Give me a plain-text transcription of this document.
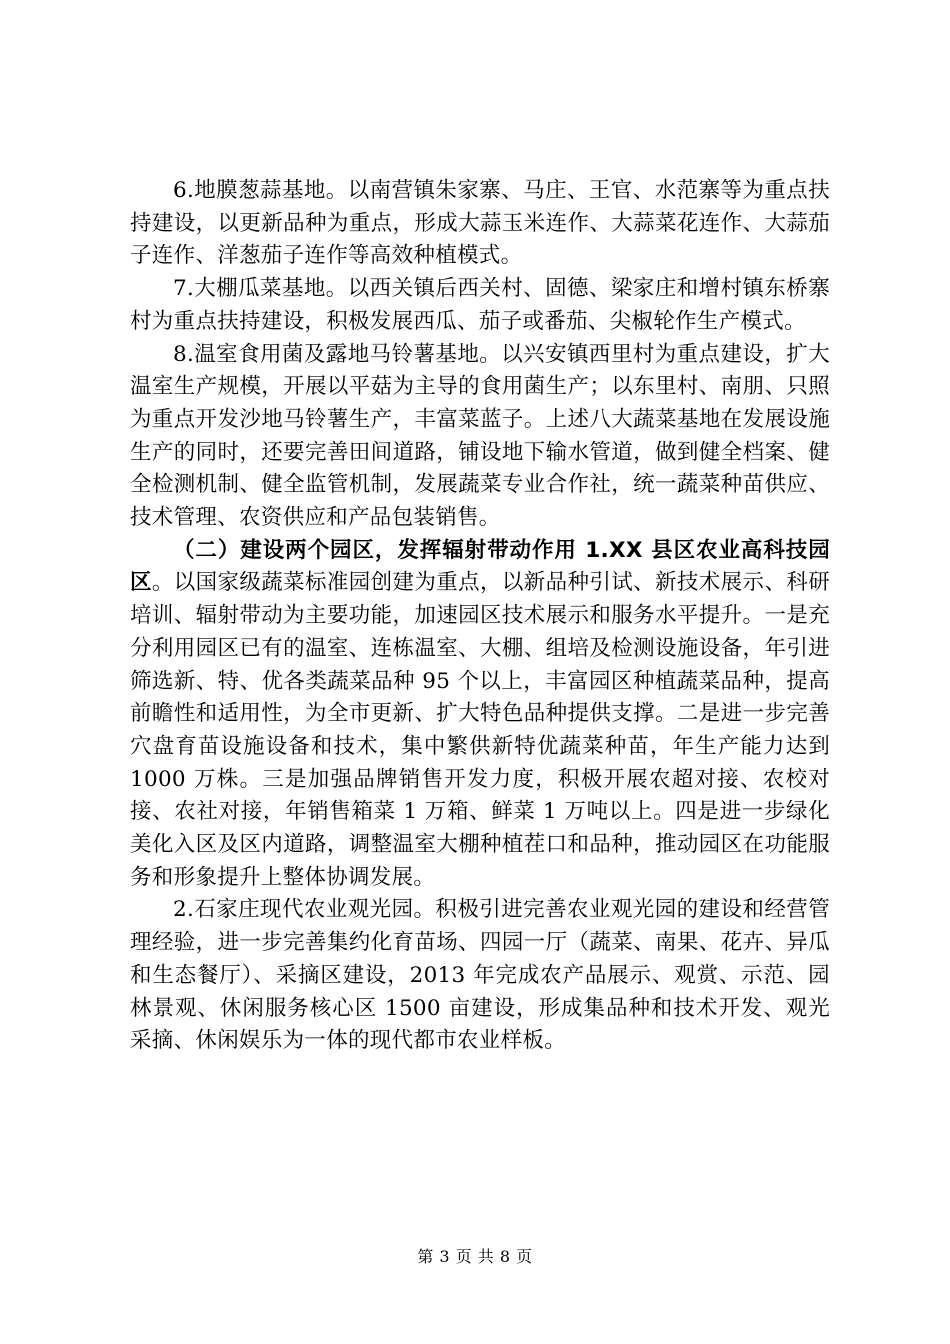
6.地膜葱蒜基地。以南营镇朱家寨、马庄、王官、水范寨等为重点扶持建设，以更新品种为重点，形成大蒜玉米连作、大蒜菜花连作、大蒜茄子连作、洋葱茄子连作等高效种植模式。

7.大棚瓜菜基地。以西关镇后西关村、固德、梁家庄和增村镇东桥寨村为重点扶持建设，积极发展西瓜、茄子或番茄、尖椒轮作生产模式。

8.温室食用菌及露地马铃薯基地。以兴安镇西里村为重点建设，扩大温室生产规模，开展以平菇为主导的食用菌生产；以东里村、南朋、只照为重点开发沙地马铃薯生产，丰富菜蓝子。上述八大蔬菜基地在发展设施生产的同时，还要完善田间道路，铺设地下输水管道，做到健全档案、健全检测机制、健全监管机制，发展蔬菜专业合作社，统一蔬菜种苗供应、技术管理、农资供应和产品包装销售。

（二）建设两个园区，发挥辐射带动作用 1.XX 县区农业高科技园区。以国家级蔬菜标准园创建为重点，以新品种引试、新技术展示、科研培训、辐射带动为主要功能，加速园区技术展示和服务水平提升。一是充分利用园区已有的温室、连栋温室、大棚、组培及检测设施设备，年引进筛选新、特、优各类蔬菜品种 95 个以上，丰富园区种植蔬菜品种，提高前瞻性和适用性，为全市更新、扩大特色品种提供支撑。二是进一步完善穴盘育苗设施设备和技术，集中繁供新特优蔬菜种苗，年生产能力达到 1000 万株。三是加强品牌销售开发力度，积极开展农超对接、农校对接、农社对接，年销售箱菜 1 万箱、鲜菜 1 万吨以上。四是进一步绿化美化入区及区内道路，调整温室大棚种植茬口和品种，推动园区在功能服务和形象提升上整体协调发展。

2.石家庄现代农业观光园。积极引进完善农业观光园的建设和经营管理经验，进一步完善集约化育苗场、四园一厅（蔬菜、南果、花卉、异瓜和生态餐厅）、采摘区建设，2013 年完成农产品展示、观赏、示范、园林景观、休闲服务核心区 1500 亩建设，形成集品种和技术开发、观光采摘、休闲娱乐为一体的现代都市农业样板。

第 3 页 共 8 页
